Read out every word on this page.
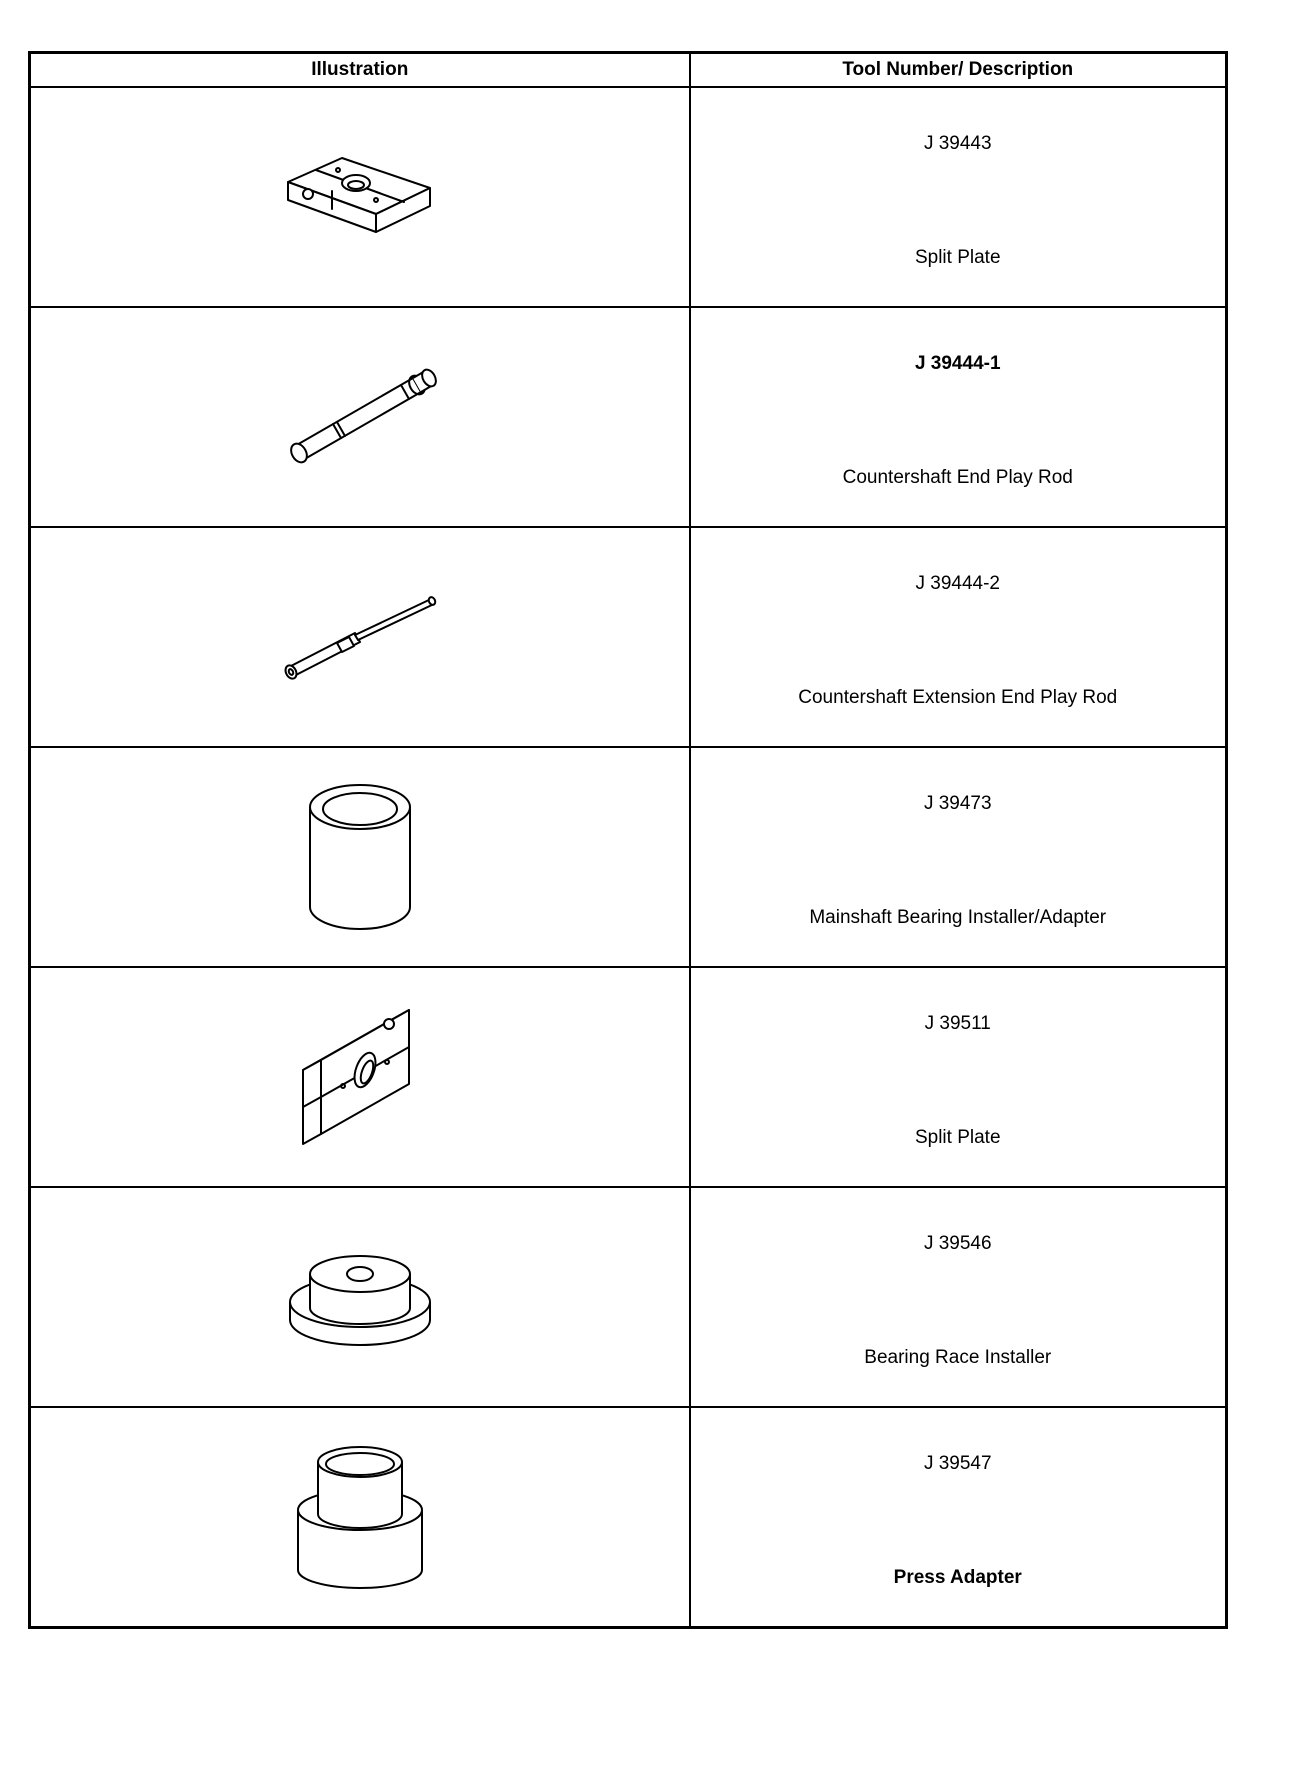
Illustration	Tool Number/ Description

J 39443
Split Plate

J 39444-1
Countershaft End Play Rod

J 39444-2
Countershaft Extension End Play Rod

J 39473
Mainshaft Bearing Installer/Adapter

J 39511
Split Plate

J 39546
Bearing Race Installer

J 39547
Press Adapter
